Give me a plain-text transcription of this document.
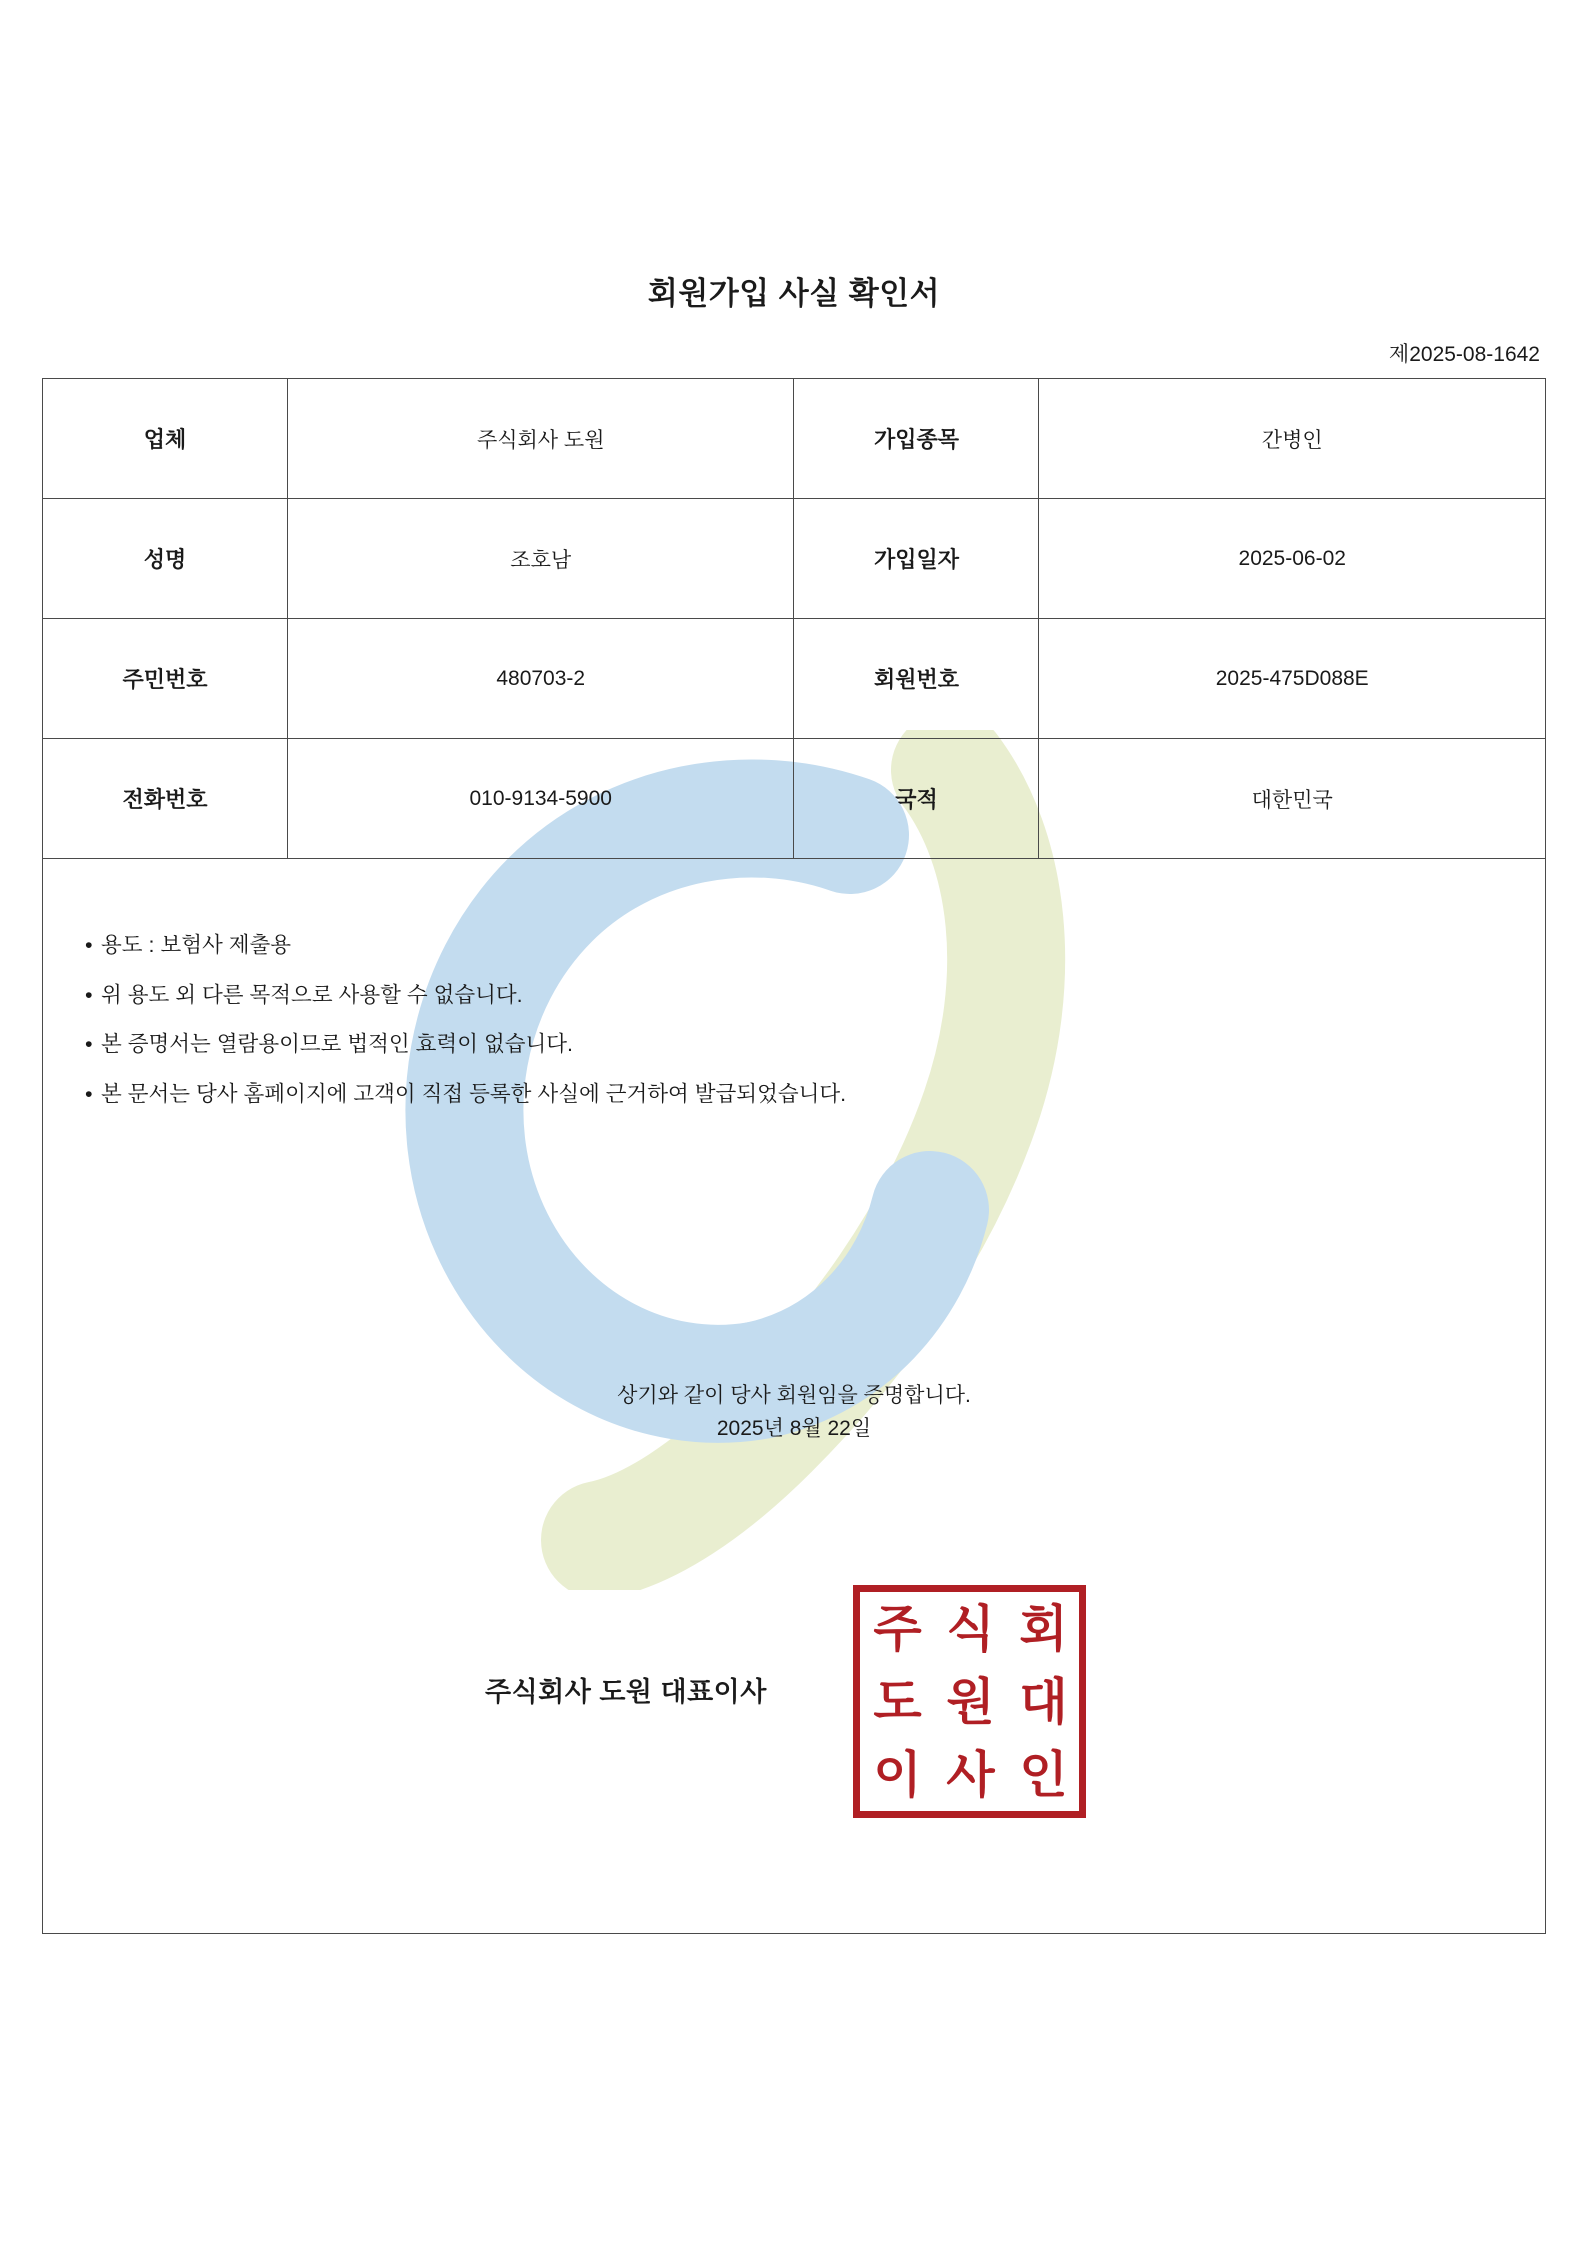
회원가입 사실 확인서
제2025-08-1642
업체	주식회사 도원	가입종목	간병인
성명	조호남	가입일자	2025-06-02
주민번호	480703-2	회원번호	2025-475D088E
전화번호	010-9134-5900	국적	대한민국
• 용도 : 보험사 제출용
• 위 용도 외 다른 목적으로 사용할 수 없습니다.
• 본 증명서는 열람용이므로 법적인 효력이 없습니다.
• 본 문서는 당사 홈페이지에 고객이 직접 등록한 사실에 근거하여 발급되었습니다.
상기와 같이 당사 회원임을 증명합니다.
2025년 8월 22일
주식회사 도원 대표이사
주 식 회
도 원 대
이 사 인
